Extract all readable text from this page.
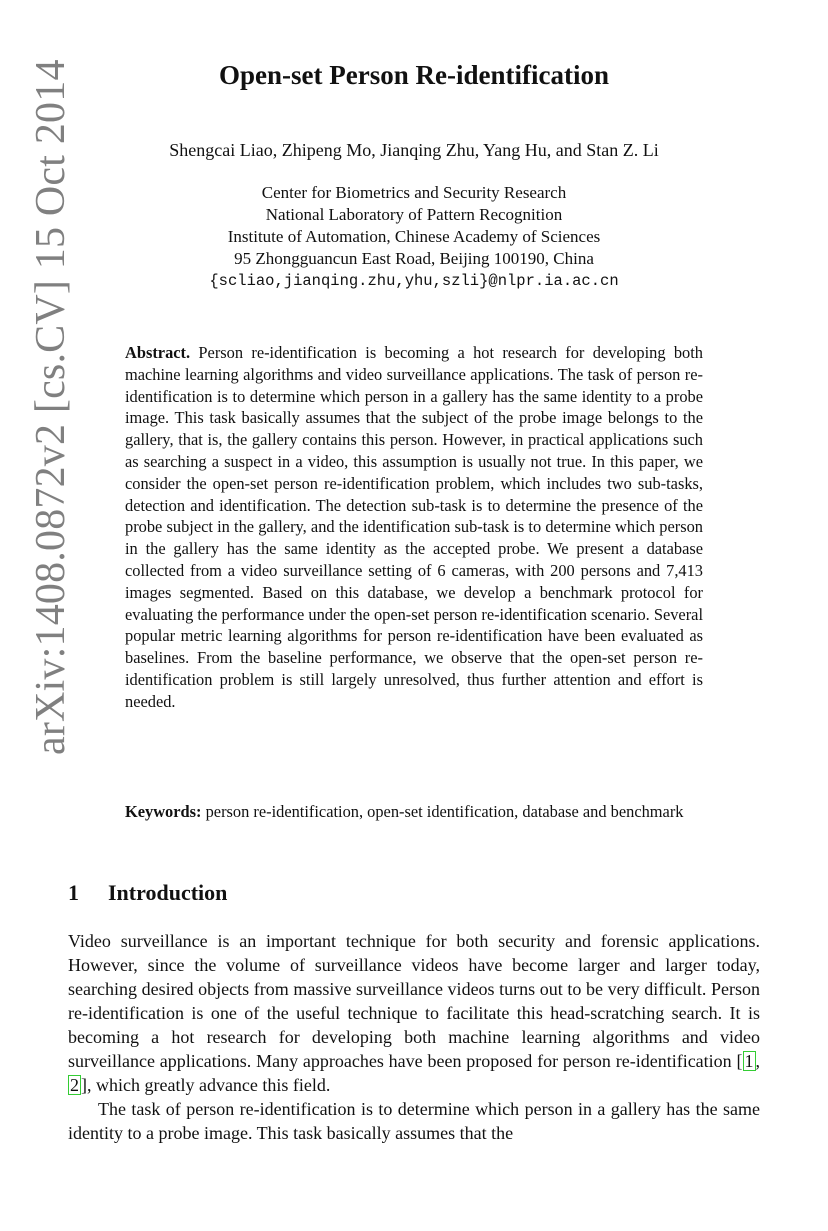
arXiv:1408.0872v2 [cs.CV] 15 Oct 2014	Open-set Person Re-identification
Shengcai Liao, Zhipeng Mo, Jianqing Zhu, Yang Hu, and Stan Z. Li
Center for Biometrics and Security Research
National Laboratory of Pattern Recognition
Institute of Automation, Chinese Academy of Sciences
95 Zhongguancun East Road, Beijing 100190, China
{scliao,jianqing.zhu,yhu,szli}@nlpr.ia.ac.cn
Abstract. Person re-identification is becoming a hot research for developing both machine learning algorithms and video surveillance applications. The task of person re-identification is to determine which person in a gallery has the same identity to a probe image. This task basically assumes that the subject of the probe image belongs to the gallery, that is, the gallery contains this person. However, in practical applications such as searching a suspect in a video, this assumption is usually not true. In this paper, we consider the open-set person re-identification problem, which includes two sub-tasks, detection and identification. The detection sub-task is to determine the presence of the probe subject in the gallery, and the identification sub-task is to determine which person in the gallery has the same identity as the accepted probe. We present a database collected from a video surveillance setting of 6 cameras, with 200 persons and 7,413 images segmented. Based on this database, we develop a benchmark protocol for evaluating the performance under the open-set person re-identification scenario. Several popular metric learning algorithms for person re-identification have been evaluated as baselines. From the baseline performance, we observe that the open-set person re-identification problem is still largely unresolved, thus further attention and effort is needed.
Keywords: person re-identification, open-set identification, database and benchmark
1 Introduction

Video surveillance is an important technique for both security and forensic applications. However, since the volume of surveillance videos have become larger and larger today, searching desired objects from massive surveillance videos turns out to be very difficult. Person re-identification is one of the useful technique to facilitate this head-scratching search. It is becoming a hot research for developing both machine learning algorithms and video surveillance applications. Many approaches have been proposed for person re-identification [ 1 ,2 ], which greatly advance this field.

The task of person re-identification is to determine which person in a gallery has the same identity to a probe image. This task basically assumes that the
